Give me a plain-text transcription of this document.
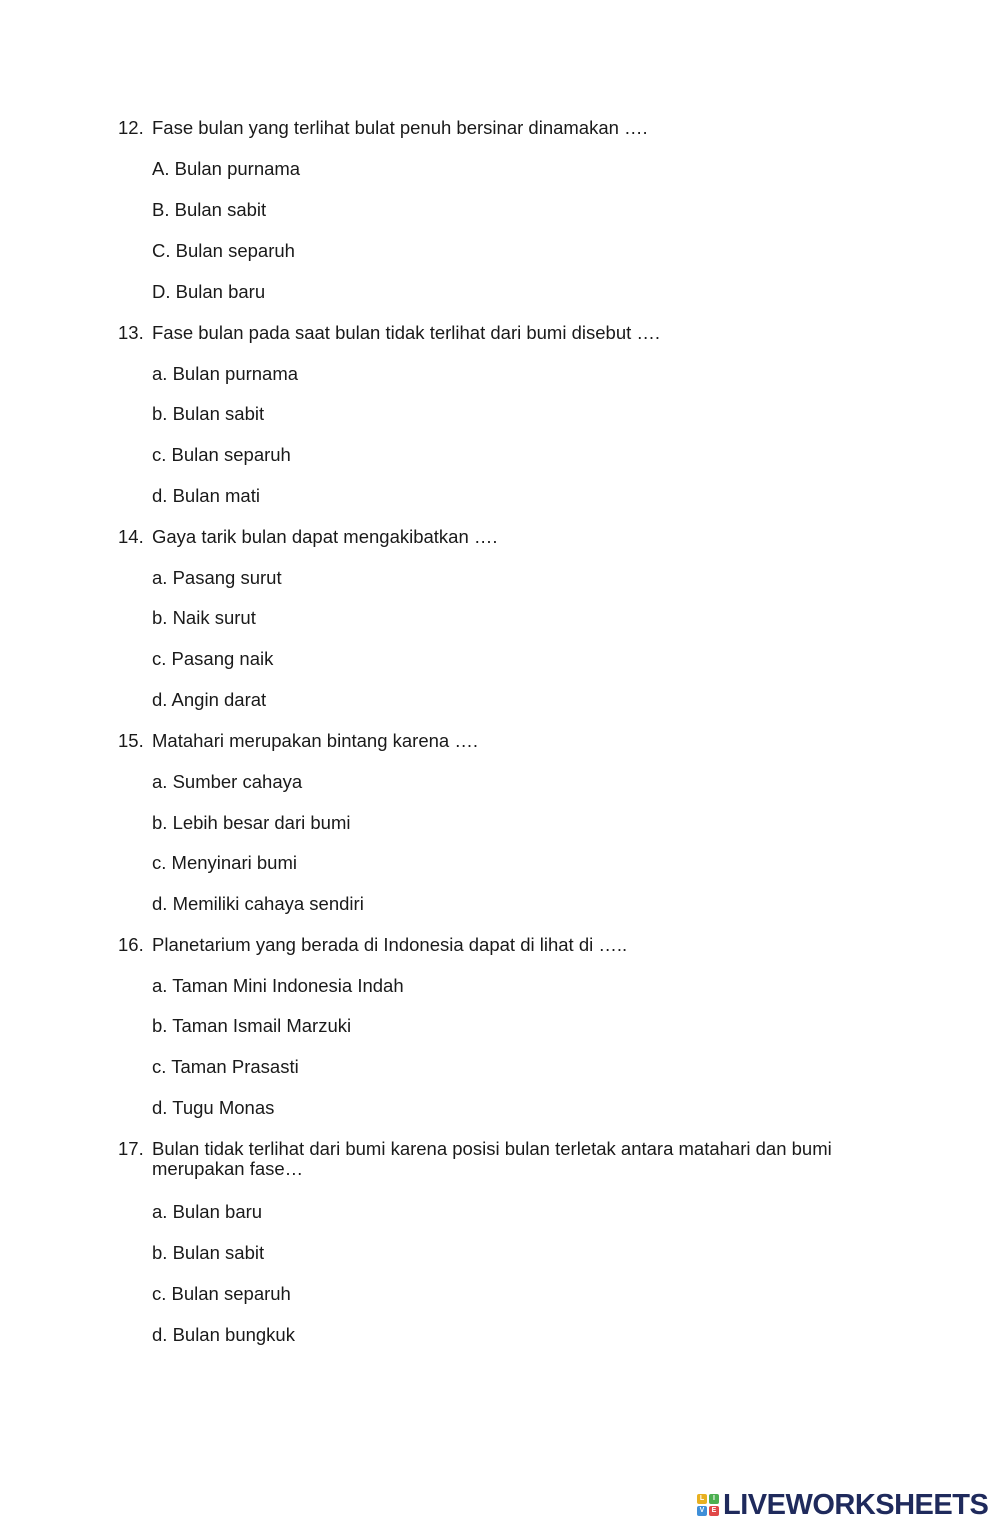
12. Fase bulan yang terlihat bulat penuh bersinar dinamakan ….
A. Bulan purnama
B. Bulan sabit
C. Bulan separuh
D. Bulan baru
13. Fase bulan pada saat bulan tidak terlihat dari bumi disebut ….
a. Bulan purnama
b. Bulan sabit
c. Bulan separuh
d. Bulan mati
14. Gaya tarik bulan dapat mengakibatkan ….
a. Pasang surut
b. Naik surut
c. Pasang naik
d. Angin darat
15. Matahari merupakan bintang karena ….
a. Sumber cahaya
b. Lebih besar dari bumi
c. Menyinari bumi
d. Memiliki cahaya sendiri
16. Planetarium yang berada di Indonesia dapat di lihat di …..
a. Taman Mini Indonesia Indah
b. Taman Ismail Marzuki
c. Taman Prasasti
d. Tugu Monas
17. Bulan tidak terlihat dari bumi karena posisi bulan terletak antara matahari dan bumi merupakan fase…
a. Bulan baru
b. Bulan sabit
c. Bulan separuh
d. Bulan bungkuk
L	I
V	E LIVEWORKSHEETS
